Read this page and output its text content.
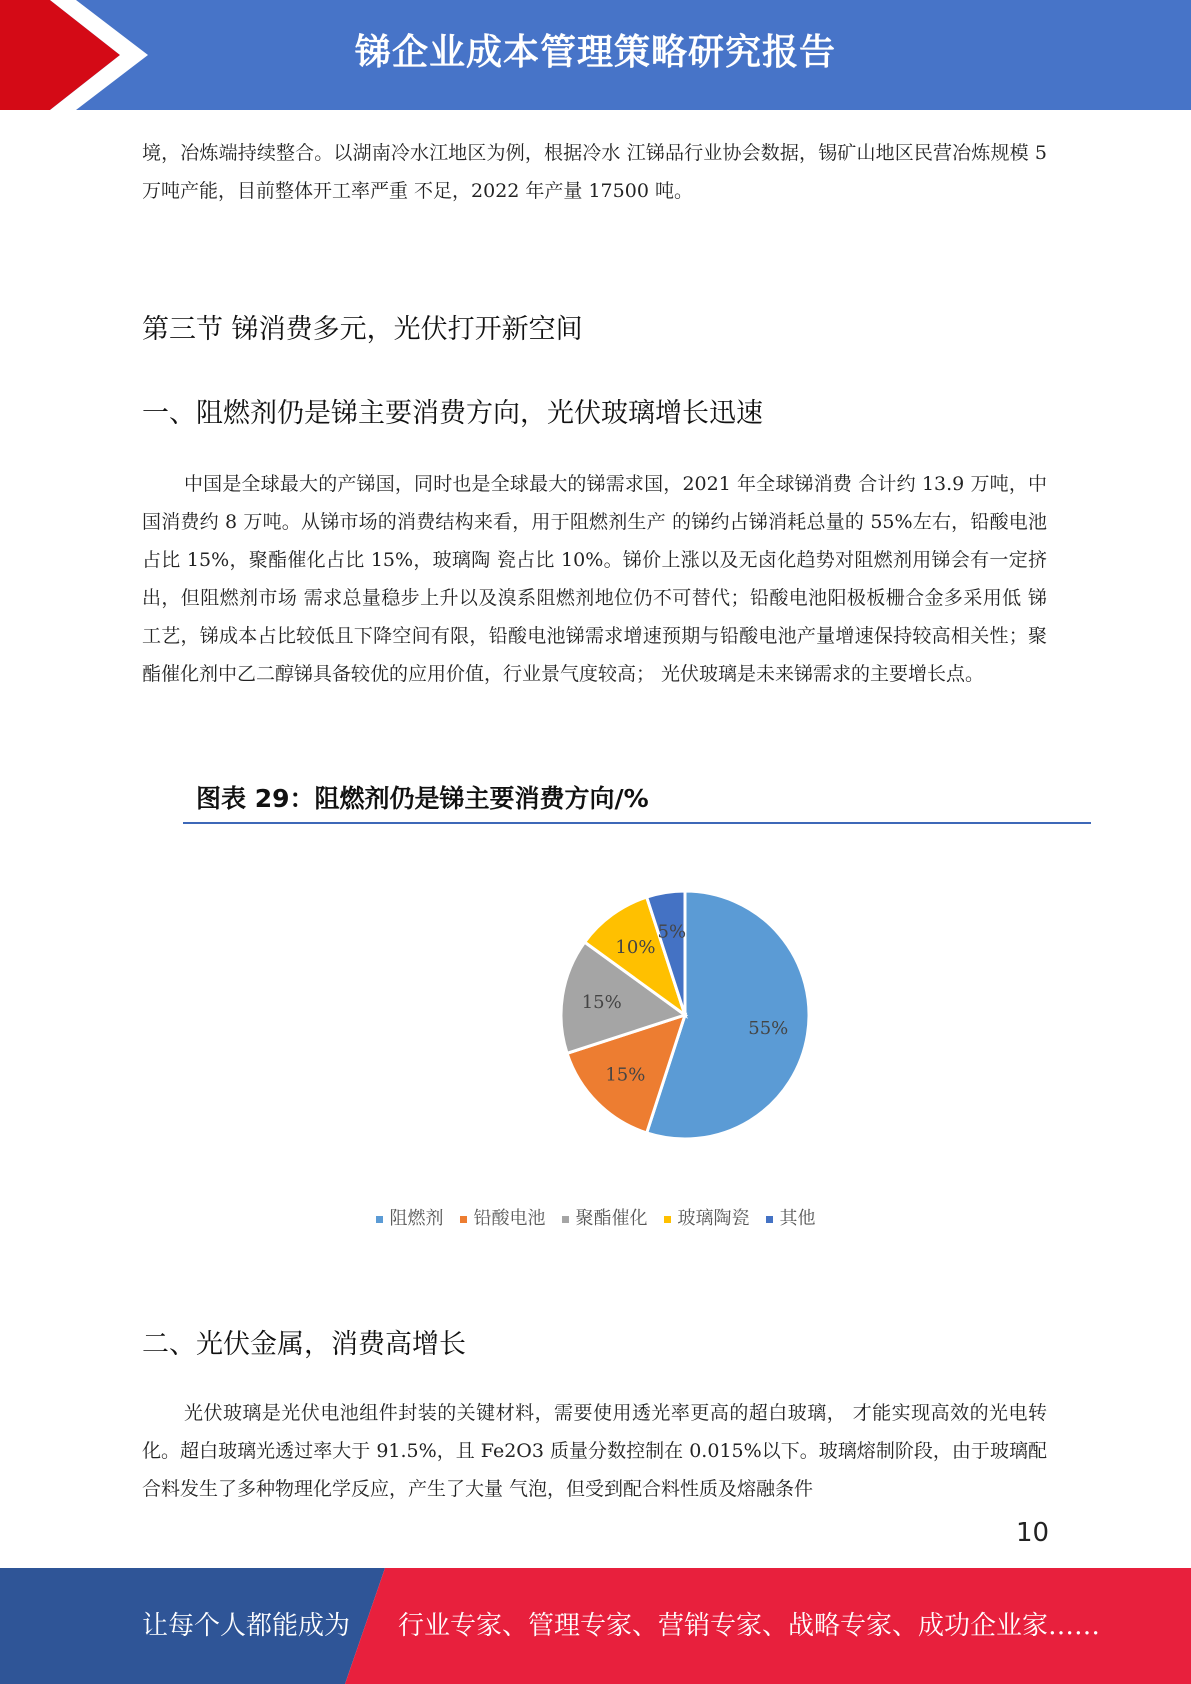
锑企业成本管理策略研究报告

境，冶炼端持续整合。以湖南冷水江地区为例，根据冷水 江锑品行业协会数据，锡矿山地区民营冶炼规模 5 万吨产能，目前整体开工率严重 不足，2022 年产量 17500 吨。

第三节 锑消费多元，光伏打开新空间
一、阻燃剂仍是锑主要消费方向，光伏玻璃增长迅速

中国是全球最大的产锑国，同时也是全球最大的锑需求国，2021 年全球锑消费 合计约 13.9 万吨，中国消费约 8 万吨。从锑市场的消费结构来看，用于阻燃剂生产 的锑约占锑消耗总量的 55%左右，铅酸电池占比 15%，聚酯催化占比 15%，玻璃陶 瓷占比 10%。锑价上涨以及无卤化趋势对阻燃剂用锑会有一定挤出，但阻燃剂市场 需求总量稳步上升以及溴系阻燃剂地位仍不可替代；铅酸电池阳极板栅合金多采用低 锑工艺，锑成本占比较低且下降空间有限，铅酸电池锑需求增速预期与铅酸电池产量增速保持较高相关性；聚酯催化剂中乙二醇锑具备较优的应用价值，行业景气度较高； 光伏玻璃是未来锑需求的主要增长点。

图表 29：阻燃剂仍是锑主要消费方向/%
55%
15%
15%
10%
5%
阻燃剂 铅酸电池 聚酯催化 玻璃陶瓷 其他
二、光伏金属，消费高增长

光伏玻璃是光伏电池组件封装的关键材料，需要使用透光率更高的超白玻璃， 才能实现高效的光电转化。超白玻璃光透过率大于 91.5%，且 Fe2O3 质量分数控制在 0.015%以下。玻璃熔制阶段，由于玻璃配合料发生了多种物理化学反应，产生了大量 气泡，但受到配合料性质及熔融条件

10
让每个人都能成为 行业专家、管理专家、营销专家、战略专家、成功企业家……
